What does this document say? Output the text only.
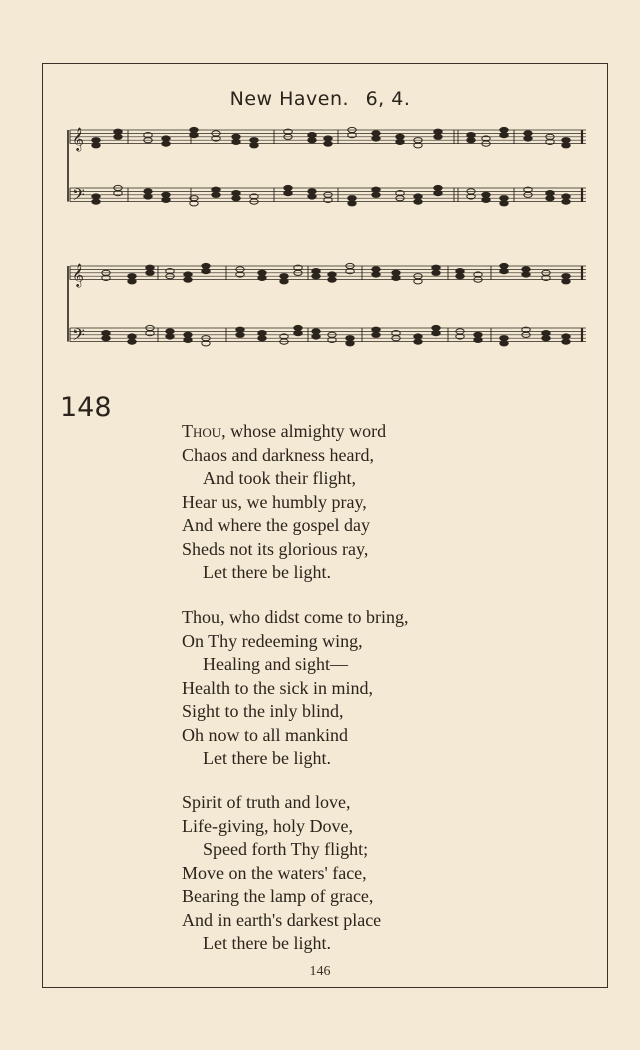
New Haven. 6, 4.
𝄞
𝄢
𝄞
𝄢
148
Thou, whose almighty word
Chaos and darkness heard,
And took their flight,
Hear us, we humbly pray,
And where the gospel day
Sheds not its glorious ray,
Let there be light.
Thou, who didst come to bring,
On Thy redeeming wing,
Healing and sight—
Health to the sick in mind,
Sight to the inly blind,
Oh now to all mankind
Let there be light.
Spirit of truth and love,
Life-giving, holy Dove,
Speed forth Thy flight;
Move on the waters' face,
Bearing the lamp of grace,
And in earth's darkest place
Let there be light.
146
